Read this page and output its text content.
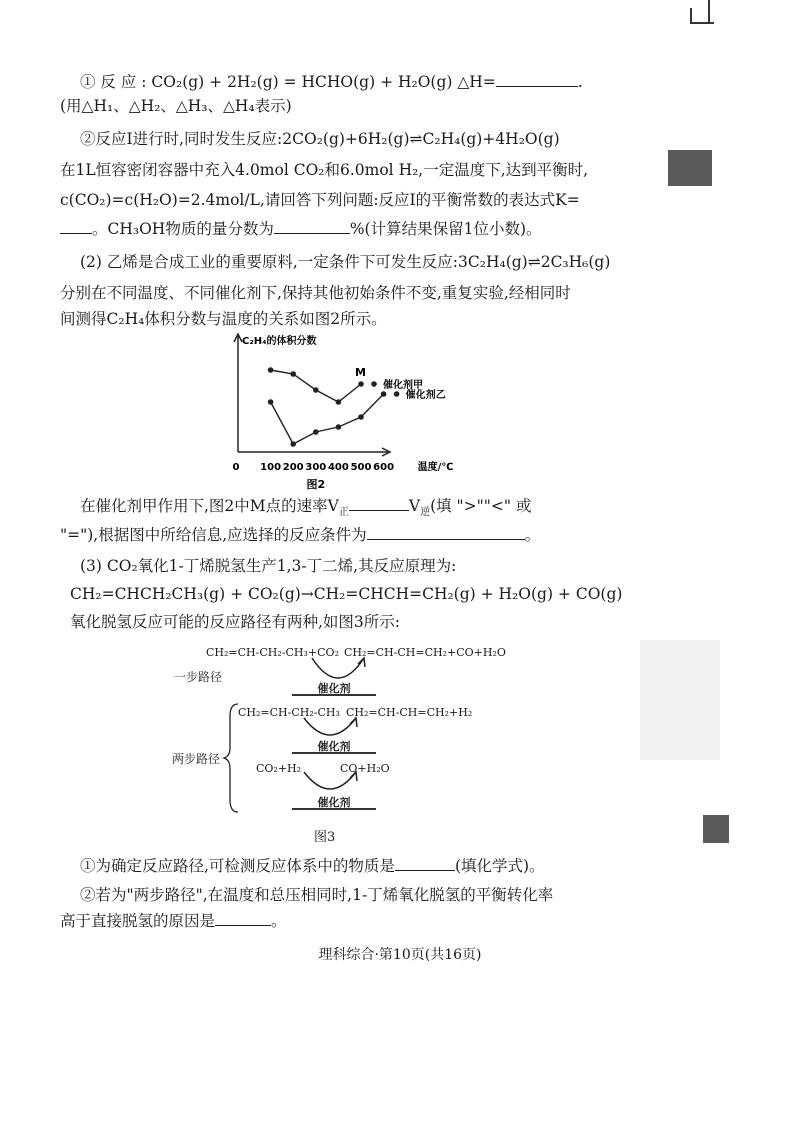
① 反 应 : CO₂(g) + 2H₂(g) = HCHO(g) + H₂O(g) △H=	.
(用△H₁、△H₂、△H₃、△H₄表示)
②反应Ⅰ进行时,同时发生反应:2CO₂(g)+6H₂(g)⇌C₂H₄(g)+4H₂O(g)
在1L恒容密闭容器中充入4.0mol CO₂和6.0mol H₂,一定温度下,达到平衡时,
c(CO₂)=c(H₂O)=2.4mol/L,请回答下列问题:反应Ⅰ的平衡常数的表达式K=
。CH₃OH物质的量分数为	%(计算结果保留1位小数)。
(2) 乙烯是合成工业的重要原料,一定条件下可发生反应:3C₂H₄(g)⇌2C₃H₆(g)
分别在不同温度、不同催化剂下,保持其他初始条件不变,重复实验,经相同时
间测得C₂H₄体积分数与温度的关系如图2所示。
C₂H₄的体积分数
0 100 200 300 400 500 600 温度/℃
图2
催化剂甲
催化剂乙
M
在催化剂甲作用下,图2中M点的速率$V_正$	$V_逆$(填 ">""<" 或
"="),根据图中所给信息,应选择的反应条件为	。
(3) CO₂氧化1-丁烯脱氢生产1,3-丁二烯,其反应原理为:
CH₂=CHCH₂CH₃(g) + CO₂(g)→CH₂=CHCH=CH₂(g) + H₂O(g) + CO(g)
氧化脱氢反应可能的反应路径有两种,如图3所示:
CH₂=CH-CH₂-CH₃+CO₂ CH₂=CH-CH=CH₂+CO+H₂O
一步路径
催化剂
CH₂=CH-CH₂-CH₃ CH₂=CH-CH=CH₂+H₂
催化剂
CO₂+H₂	CO+H₂O
催化剂
两步路径
图3
①为确定反应路径,可检测反应体系中的物质是	(填化学式)。
②若为"两步路径",在温度和总压相同时,1-丁烯氧化脱氢的平衡转化率
高于直接脱氢的原因是	。
理科综合·第10页(共16页)
